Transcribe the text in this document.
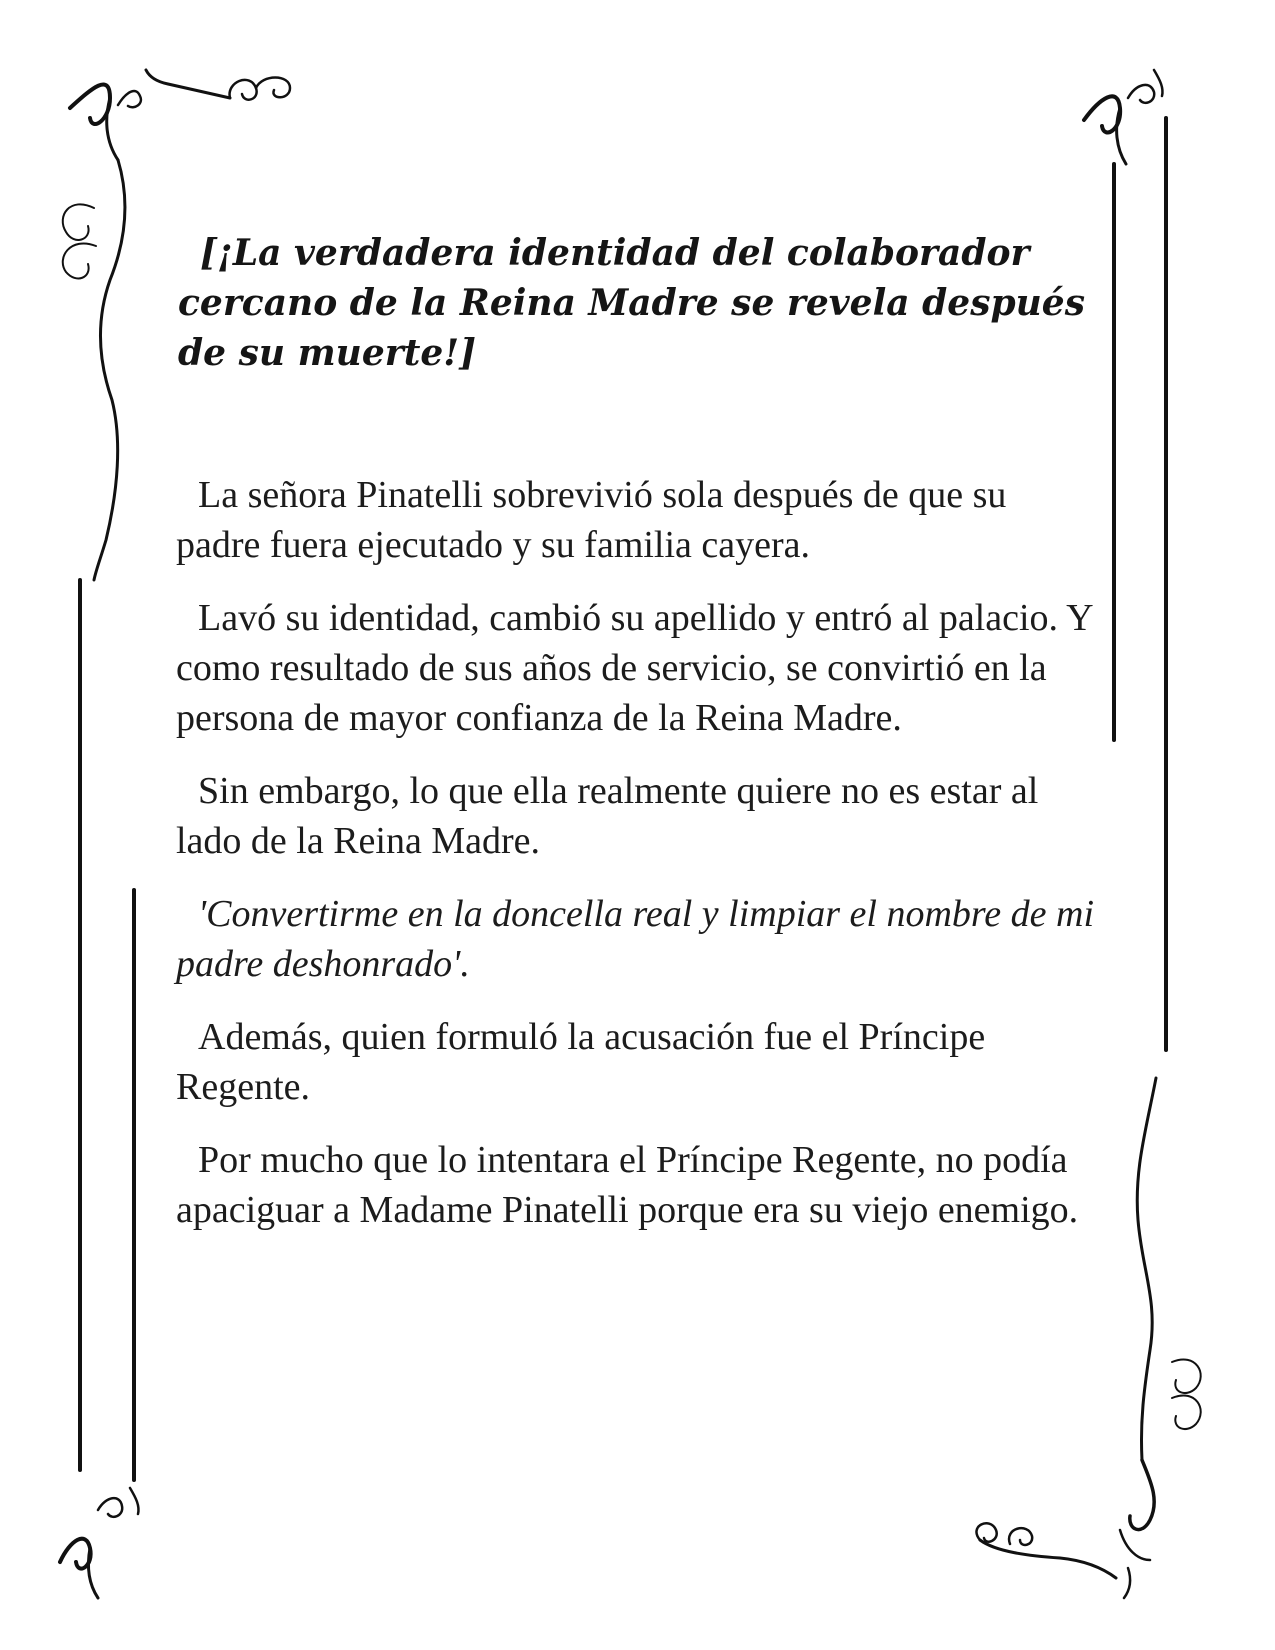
[¡La verdadera identidad del colaborador cercano de la Reina Madre se revela después de su muerte!]

La señora Pinatelli sobrevivió sola después de que su padre fuera ejecutado y su familia cayera.

Lavó su identidad, cambió su apellido y entró al palacio. Y como resultado de sus años de servicio, se convirtió en la persona de mayor confianza de la Reina Madre.

Sin embargo, lo que ella realmente quiere no es estar al lado de la Reina Madre.

'Convertirme en la doncella real y limpiar el nombre de mi padre deshonrado'.

Además, quien formuló la acusación fue el Príncipe Regente.

Por mucho que lo intentara el Príncipe Regente, no podía apaciguar a Madame Pinatelli porque era su viejo enemigo.
